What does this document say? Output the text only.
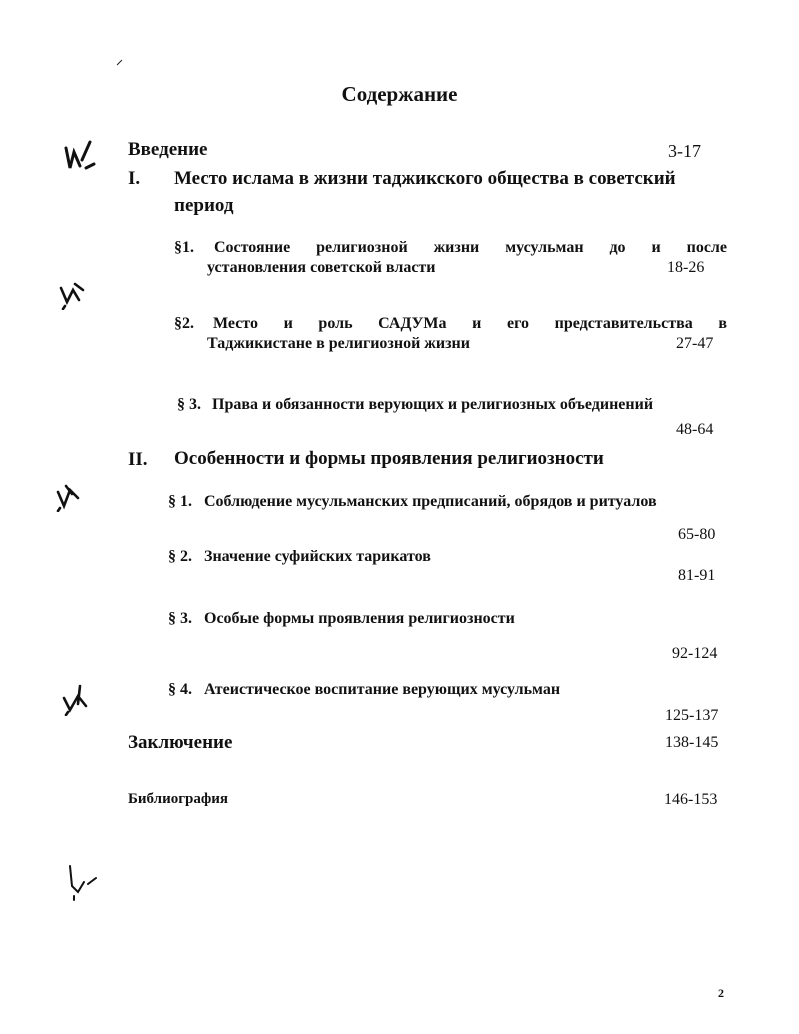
Содержание
Введение	3-17
I. Место ислама в жизни таджикского общества в советский
период
§1. Состояние религиозной жизни мусульман до и после
установления советской власти	18-26
§2. Место и роль САДУМа и его представительства в
Таджикистане в религиозной жизни	27-47
§ 3. Права и обязанности верующих и религиозных объединений
48-64
II. Особенности и формы проявления религиозности
§ 1. Соблюдение мусульманских предписаний, обрядов и ритуалов
65-80
§ 2. Значение суфийских тарикатов
81-91
§ 3. Особые формы проявления религиозности
92-124
§ 4. Атеистическое воспитание верующих мусульман
125-137
Заключение	138-145
Библиография	146-153
2
